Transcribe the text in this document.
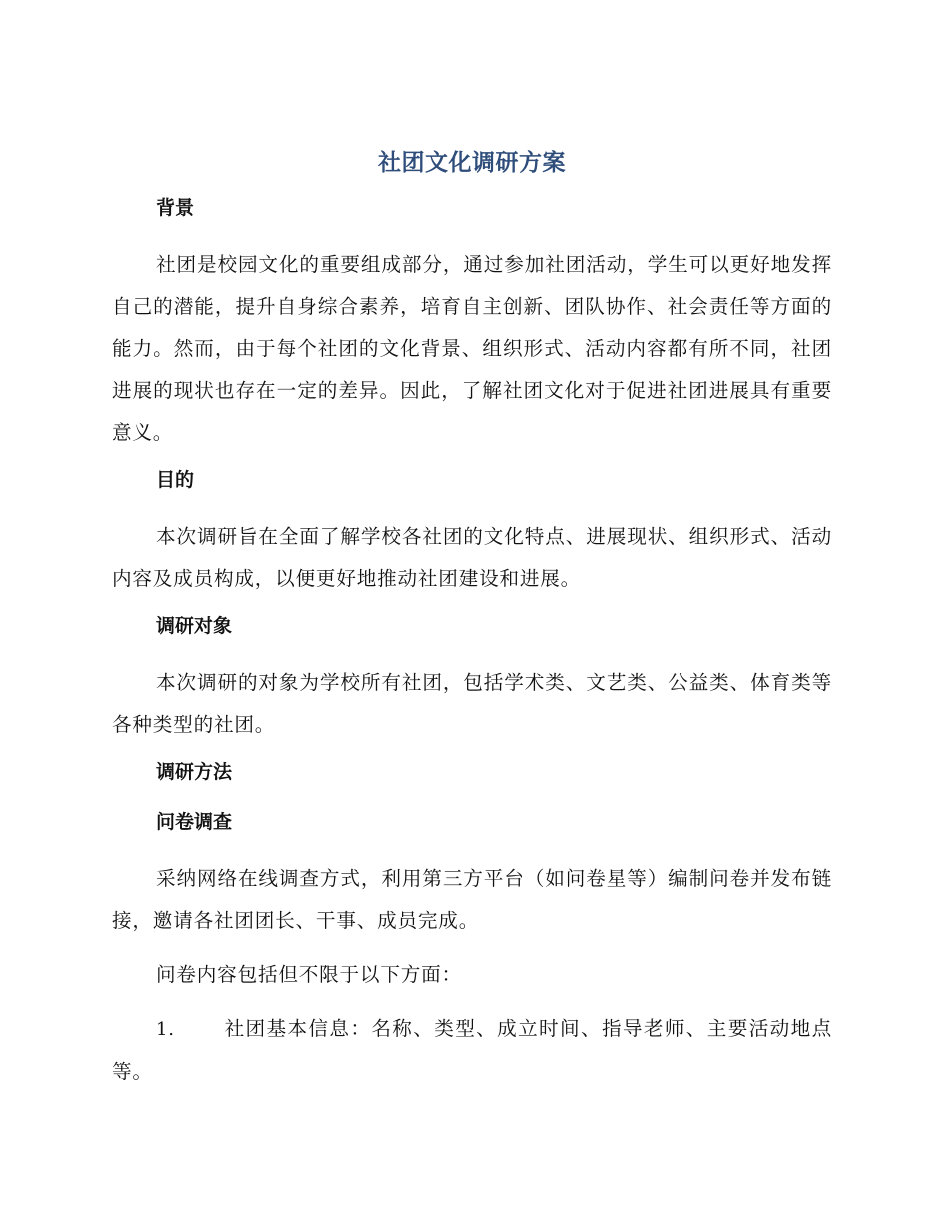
社团文化调研方案
背景

社团是校园文化的重要组成部分，通过参加社团活动，学生可以更好地发挥自己的潜能，提升自身综合素养，培育自主创新、团队协作、社会责任等方面的能力。然而，由于每个社团的文化背景、组织形式、活动内容都有所不同，社团进展的现状也存在一定的差异。因此，了解社团文化对于促进社团进展具有重要意义。

目的

本次调研旨在全面了解学校各社团的文化特点、进展现状、组织形式、活动内容及成员构成，以便更好地推动社团建设和进展。

调研对象

本次调研的对象为学校所有社团，包括学术类、文艺类、公益类、体育类等各种类型的社团。

调研方法
问卷调查

采纳网络在线调查方式，利用第三方平台（如问卷星等）编制问卷并发布链接，邀请各社团团长、干事、成员完成。

问卷内容包括但不限于以下方面：

1.	社团基本信息：名称、类型、成立时间、指导老师、主要活动地点等。
